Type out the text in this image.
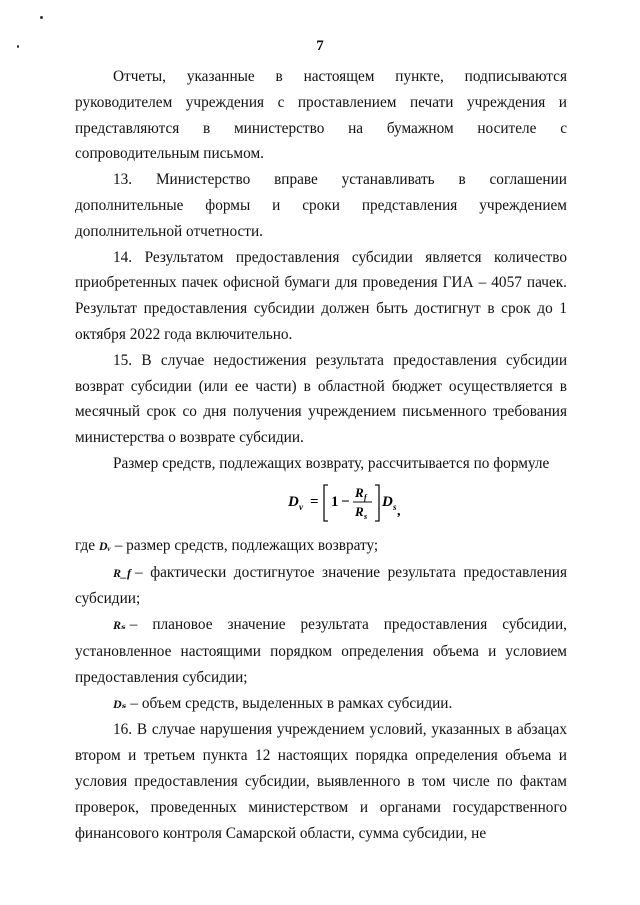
7

Отчеты, указанные в настоящем пункте, подписываются руководителем учреждения с проставлением печати учреждения и представляются в министерство на бумажном носителе с сопроводительным письмом.

13. Министерство вправе устанавливать в соглашении дополнительные формы и сроки представления учреждением дополнительной отчетности.

14. Результатом предоставления субсидии является количество приобретенных пачек офисной бумаги для проведения ГИА – 4057 пачек. Результат предоставления субсидии должен быть достигнут в срок до 1 октября 2022 года включительно.

15. В случае недостижения результата предоставления субсидии возврат субсидии (или ее части) в областной бюджет осуществляется в месячный срок со дня получения учреждением письменного требования министерства о возврате субсидии.

Размер средств, подлежащих возврату, рассчитывается по формуле

D v = 1 −
R f
R s
D s ,

где Dᵥ – размер средств, подлежащих возврату;

R_f – фактически достигнутое значение результата предоставления субсидии;

Rₛ – плановое значение результата предоставления субсидии, установленное настоящими порядком определения объема и условием предоставления субсидии;

Dₛ – объем средств, выделенных в рамках субсидии.

16. В случае нарушения учреждением условий, указанных в абзацах втором и третьем пункта 12 настоящих порядка определения объема и условия предоставления субсидии, выявленного в том числе по фактам проверок, проведенных министерством и органами государственного финансового контроля Самарской области, сумма субсидии, не
